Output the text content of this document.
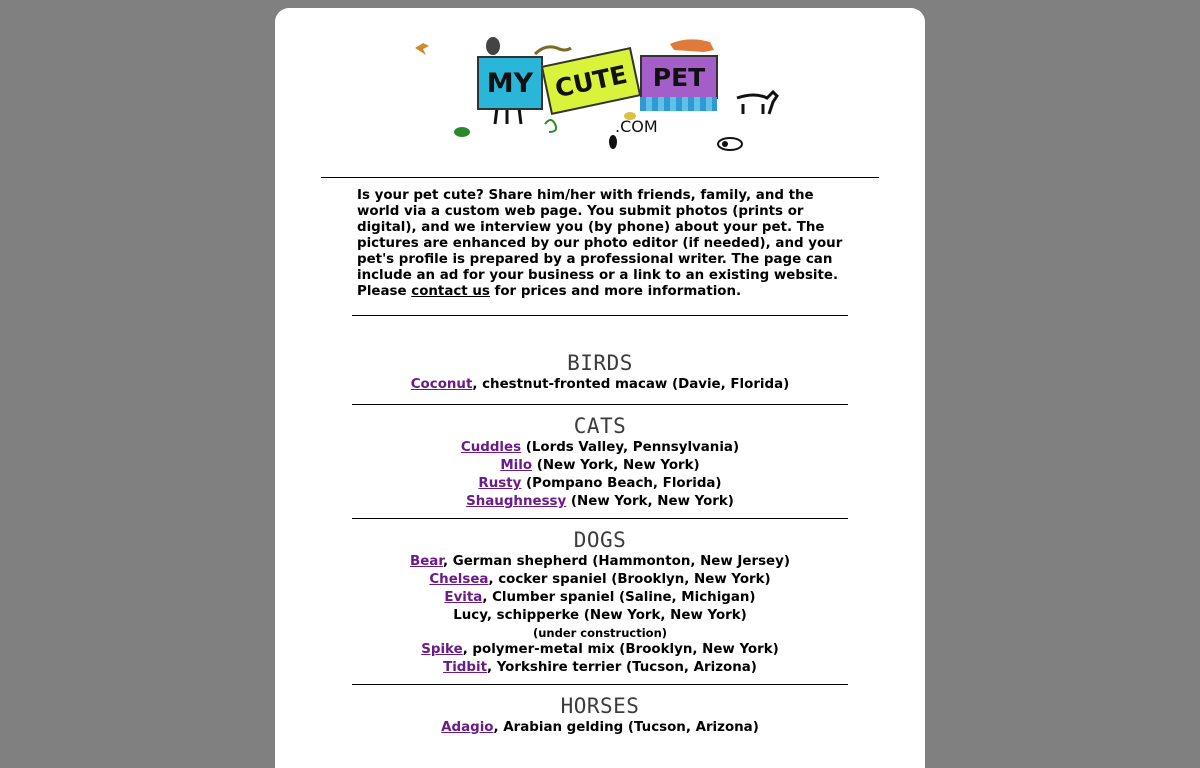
MY CUTE PET
.COM
Is your pet cute? Share him/her with friends, family, and the world via a custom web page. You submit photos (prints or digital), and we interview you (by phone) about your pet. The pictures are enhanced by our photo editor (if needed), and your pet's profile is prepared by a professional writer. The page can include an ad for your business or a link to an existing website. Please contact us for prices and more information.
BIRDS
Coconut, chestnut-fronted macaw (Davie, Florida)
CATS
Cuddles (Lords Valley, Pennsylvania)
Milo (New York, New York)
Rusty (Pompano Beach, Florida)
Shaughnessy (New York, New York)
DOGS
Bear, German shepherd (Hammonton, New Jersey)
Chelsea, cocker spaniel (Brooklyn, New York)
Evita, Clumber spaniel (Saline, Michigan)
Lucy, schipperke (New York, New York)
(under construction)
Spike, polymer-metal mix (Brooklyn, New York)
Tidbit, Yorkshire terrier (Tucson, Arizona)
HORSES
Adagio, Arabian gelding (Tucson, Arizona)
